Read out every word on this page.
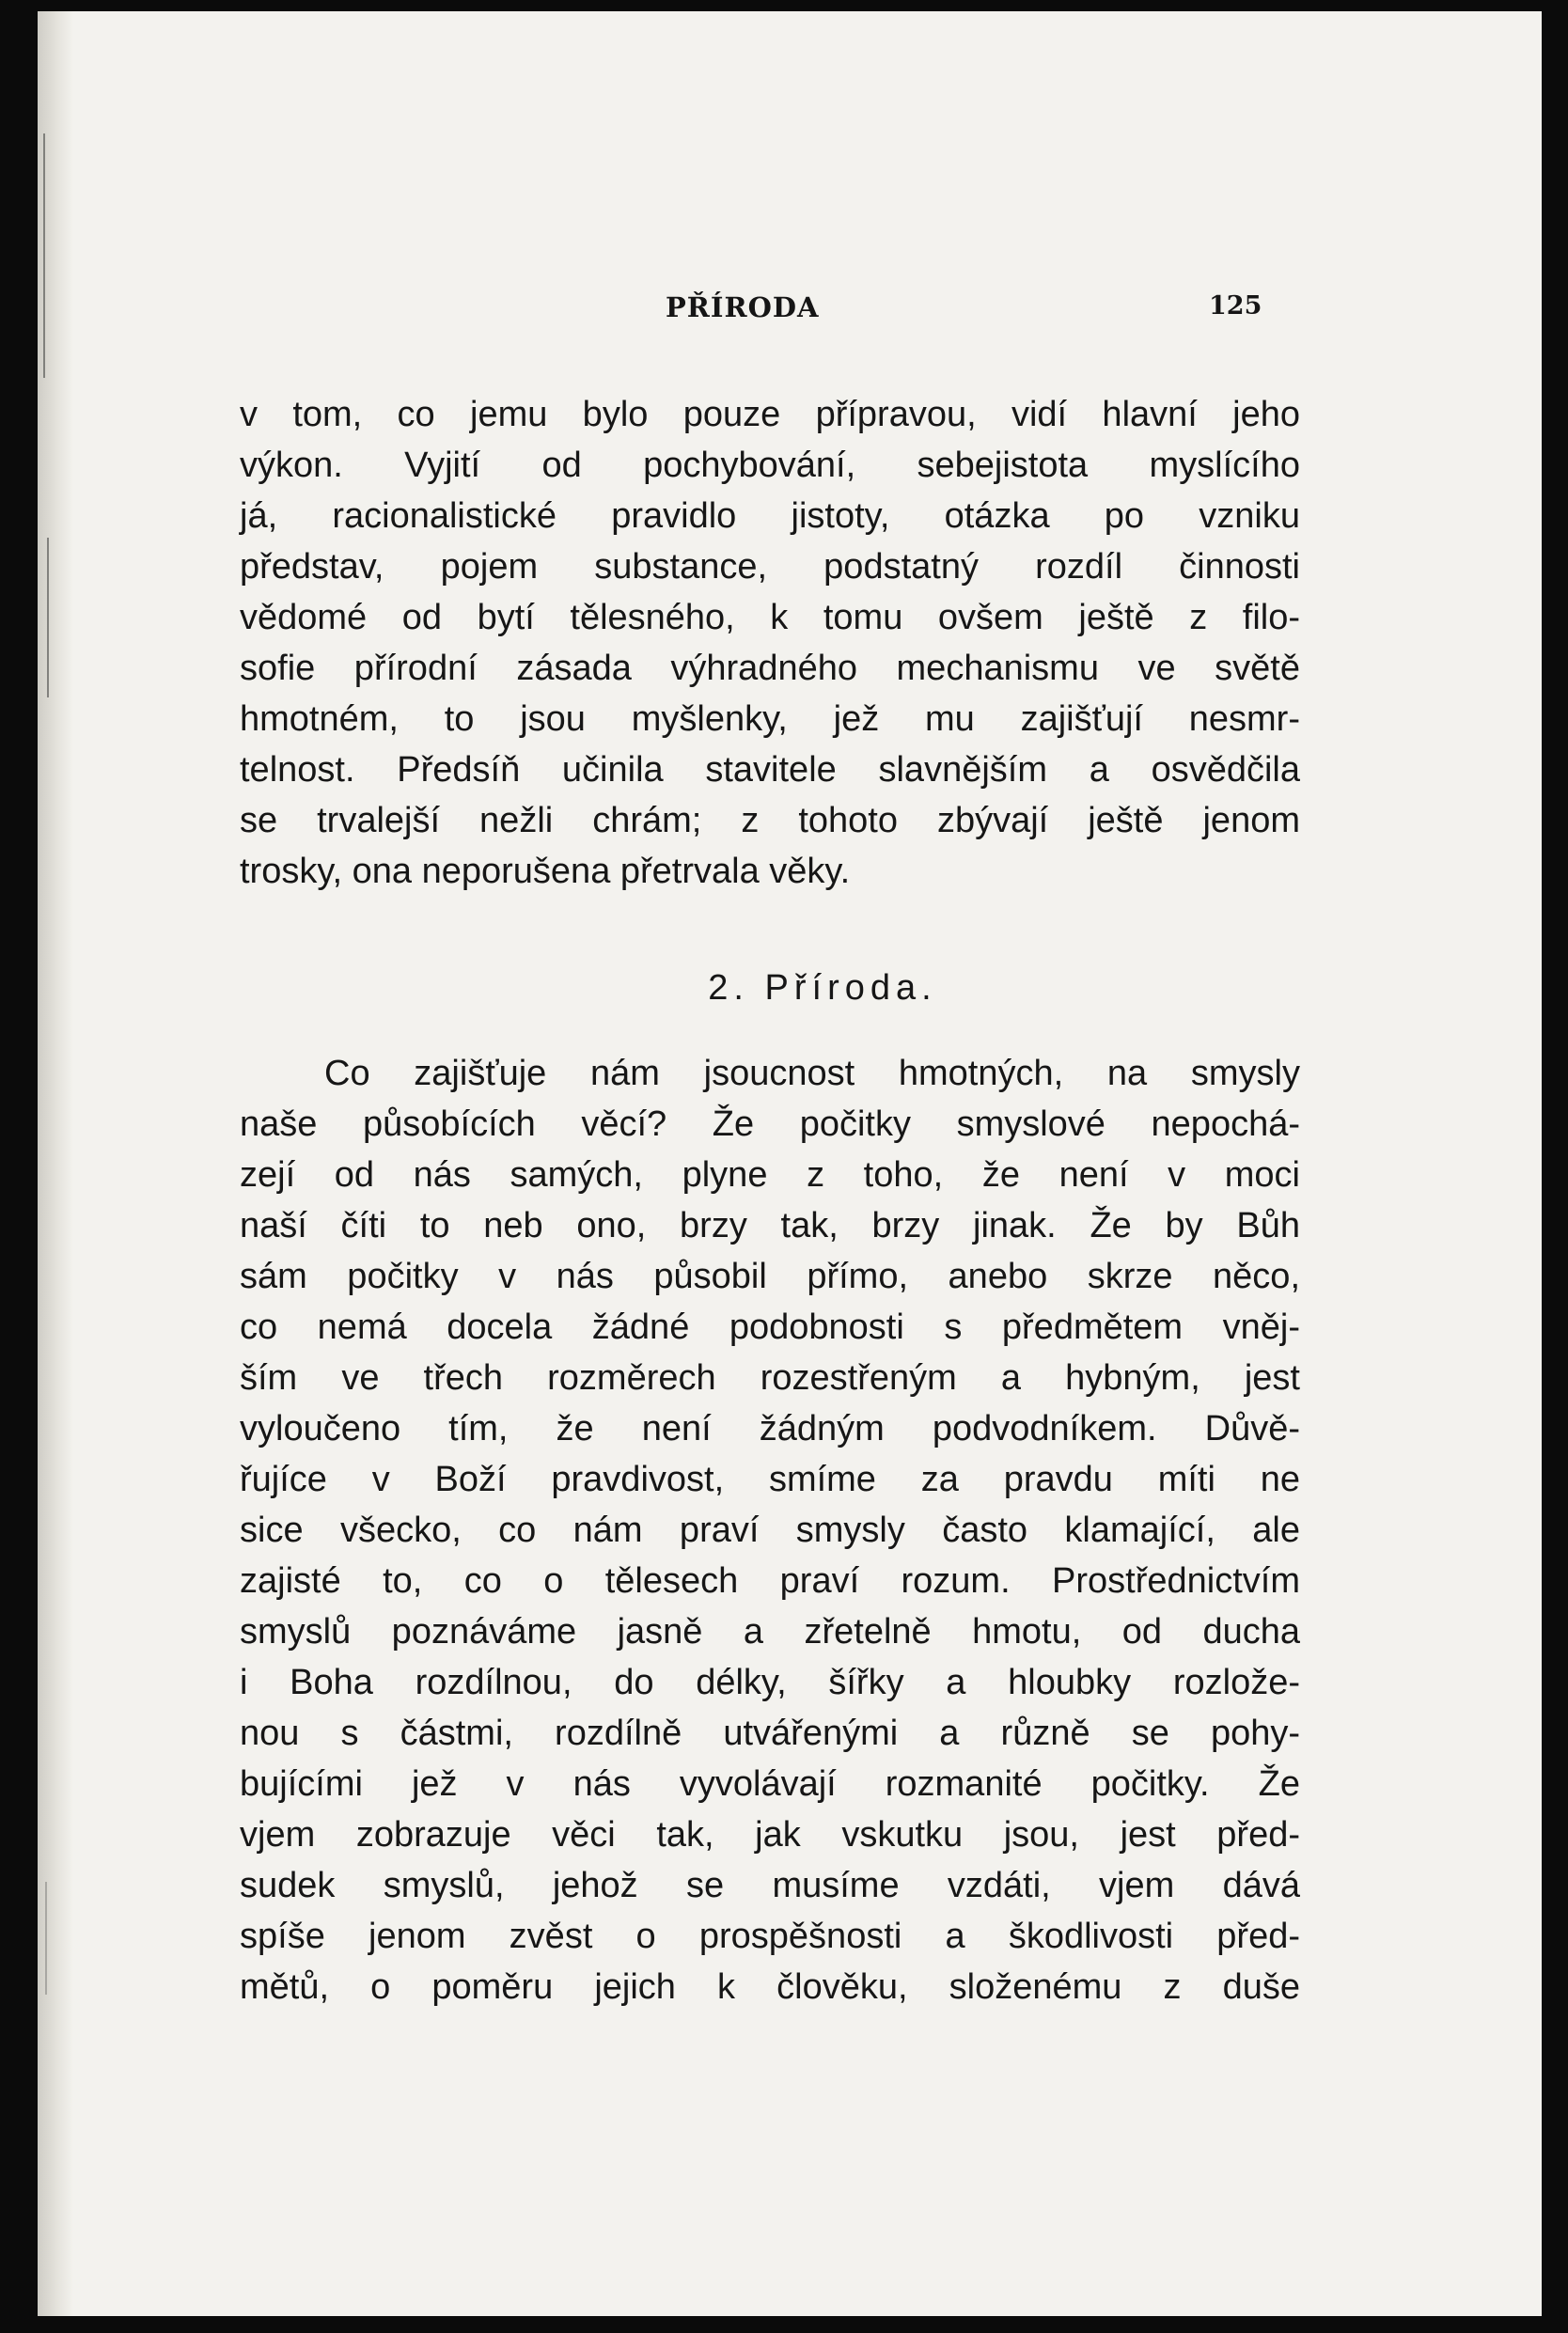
PŘÍRODA	125
v tom, co jemu bylo pouze přípravou, vidí hlavní jeho
výkon. Vyjití od pochybování, sebejistota myslícího
já, racionalistické pravidlo jistoty, otázka po vzniku
představ, pojem substance, podstatný rozdíl činnosti
vědomé od bytí tělesného, k tomu ovšem ještě z filo-
sofie přírodní zásada výhradného mechanismu ve světě
hmotném, to jsou myšlenky, jež mu zajišťují nesmr-
telnost. Předsíň učinila stavitele slavnějším a osvědčila
se trvalejší nežli chrám; z tohoto zbývají ještě jenom
trosky, ona neporušena přetrvala věky.
2. Příroda.
Co zajišťuje nám jsoucnost hmotných, na smysly
naše působících věcí? Že počitky smyslové nepochá-
zejí od nás samých, plyne z toho, že není v moci
naší číti to neb ono, brzy tak, brzy jinak. Že by Bůh
sám počitky v nás působil přímo, anebo skrze něco,
co nemá docela žádné podobnosti s předmětem vněj-
ším ve třech rozměrech rozestřeným a hybným, jest
vyloučeno tím, že není žádným podvodníkem. Důvě-
řujíce v Boží pravdivost, smíme za pravdu míti ne
sice všecko, co nám praví smysly často klamající, ale
zajisté to, co o tělesech praví rozum. Prostřednictvím
smyslů poznáváme jasně a zřetelně hmotu, od ducha
i Boha rozdílnou, do délky, šířky a hloubky rozlože-
nou s částmi, rozdílně utvářenými a různě se pohy-
bujícími jež v nás vyvolávají rozmanité počitky. Že
vjem zobrazuje věci tak, jak vskutku jsou, jest před-
sudek smyslů, jehož se musíme vzdáti, vjem dává
spíše jenom zvěst o prospěšnosti a škodlivosti před-
mětů, o poměru jejich k člověku, složenému z duše
